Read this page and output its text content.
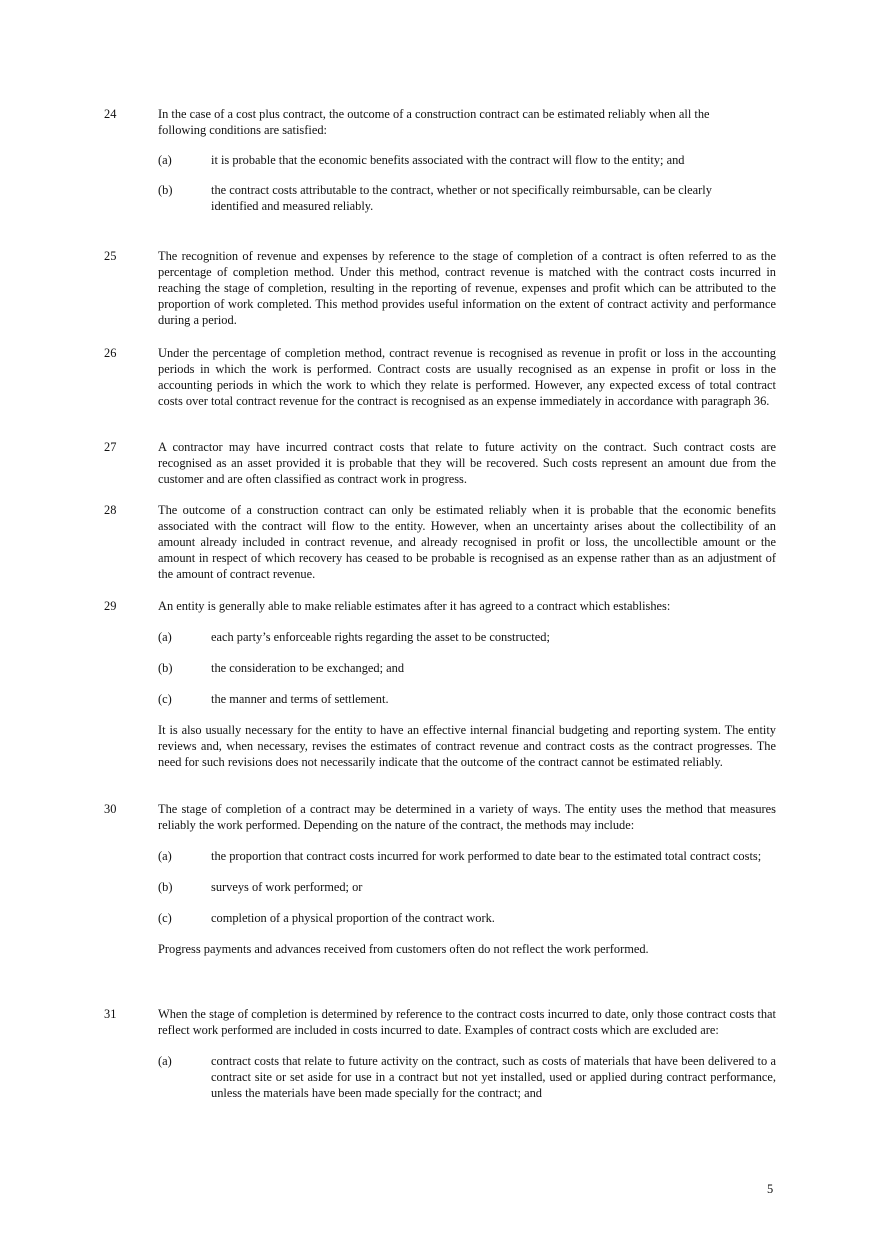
24	In the case of a cost plus contract, the outcome of a construction contract can be estimated reliably when all the following conditions are satisfied:
(a)	it is probable that the economic benefits associated with the contract will flow to the entity; and
(b)	the contract costs attributable to the contract, whether or not specifically reimbursable, can be clearly identified and measured reliably.
25	The recognition of revenue and expenses by reference to the stage of completion of a contract is often referred to as the percentage of completion method. Under this method, contract revenue is matched with the contract costs incurred in reaching the stage of completion, resulting in the reporting of revenue, expenses and profit which can be attributed to the proportion of work completed. This method provides useful information on the extent of contract activity and performance during a period.
26	Under the percentage of completion method, contract revenue is recognised as revenue in profit or loss in the accounting periods in which the work is performed. Contract costs are usually recognised as an expense in profit or loss in the accounting periods in which the work to which they relate is performed. However, any expected excess of total contract costs over total contract revenue for the contract is recognised as an expense immediately in accordance with paragraph 36.
27	A contractor may have incurred contract costs that relate to future activity on the contract. Such contract costs are recognised as an asset provided it is probable that they will be recovered. Such costs represent an amount due from the customer and are often classified as contract work in progress.
28	The outcome of a construction contract can only be estimated reliably when it is probable that the economic benefits associated with the contract will flow to the entity. However, when an uncertainty arises about the collectibility of an amount already included in contract revenue, and already recognised in profit or loss, the uncollectible amount or the amount in respect of which recovery has ceased to be probable is recognised as an expense rather than as an adjustment of the amount of contract revenue.
29	An entity is generally able to make reliable estimates after it has agreed to a contract which establishes:
(a)	each party’s enforceable rights regarding the asset to be constructed;
(b)	the consideration to be exchanged; and
(c)	the manner and terms of settlement.
It is also usually necessary for the entity to have an effective internal financial budgeting and reporting system. The entity reviews and, when necessary, revises the estimates of contract revenue and contract costs as the contract progresses. The need for such revisions does not necessarily indicate that the outcome of the contract cannot be estimated reliably.
30	The stage of completion of a contract may be determined in a variety of ways. The entity uses the method that measures reliably the work performed. Depending on the nature of the contract, the methods may include:
(a)	the proportion that contract costs incurred for work performed to date bear to the estimated total contract costs;
(b)	surveys of work performed; or
(c)	completion of a physical proportion of the contract work.
Progress payments and advances received from customers often do not reflect the work performed.
31	When the stage of completion is determined by reference to the contract costs incurred to date, only those contract costs that reflect work performed are included in costs incurred to date. Examples of contract costs which are excluded are:
(a)	contract costs that relate to future activity on the contract, such as costs of materials that have been delivered to a contract site or set aside for use in a contract but not yet installed, used or applied during contract performance, unless the materials have been made specially for the contract; and
5
